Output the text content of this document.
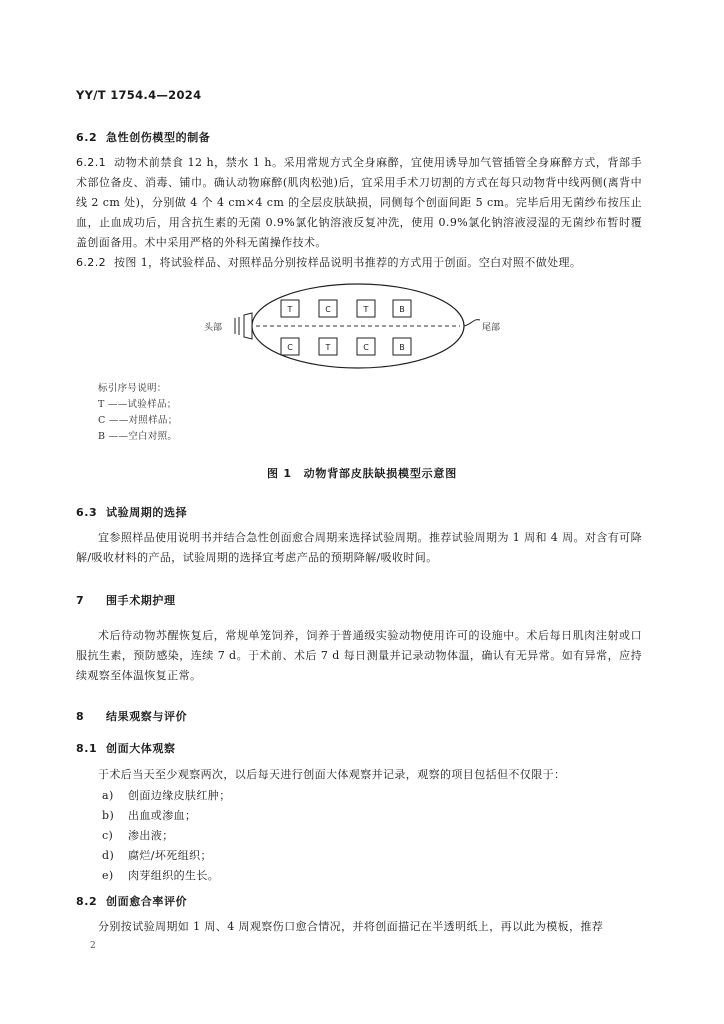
YY/T 1754.4—2024
6.2 急性创伤模型的制备
6.2.1 动物术前禁食 12 h，禁水 1 h。采用常规方式全身麻醉，宜使用诱导加气管插管全身麻醉方式，背部手术部位备皮、消毒、铺巾。确认动物麻醉(肌肉松弛)后，宜采用手术刀切割的方式在每只动物背中线两侧(离背中线 2 cm 处)，分别做 4 个 4 cm×4 cm 的全层皮肤缺损，同侧每个创面间距 5 cm。完毕后用无菌纱布按压止血，止血成功后，用含抗生素的无菌 0.9%氯化钠溶液反复冲洗，使用 0.9%氯化钠溶液浸湿的无菌纱布暂时覆盖创面备用。术中采用严格的外科无菌操作技术。
6.2.2 按图 1，将试验样品、对照样品分别按样品说明书推荐的方式用于创面。空白对照不做处理。
头部	尾部
T	C	T	B
C	T	C	B
标引序号说明：
T ——试验样品；
C ——对照样品；
B ——空白对照。
图 1　动物背部皮肤缺损模型示意图
6.3 试验周期的选择
宜参照样品使用说明书并结合急性创面愈合周期来选择试验周期。推荐试验周期为 1 周和 4 周。对含有可降解/吸收材料的产品，试验周期的选择宜考虑产品的预期降解/吸收时间。
7 围手术期护理
术后待动物苏醒恢复后，常规单笼饲养，饲养于普通级实验动物使用许可的设施中。术后每日肌肉注射或口服抗生素，预防感染，连续 7 d。于术前、术后 7 d 每日测量并记录动物体温，确认有无异常。如有异常，应持续观察至体温恢复正常。
8 结果观察与评价
8.1 创面大体观察
于术后当天至少观察两次，以后每天进行创面大体观察并记录，观察的项目包括但不仅限于：
a) 创面边缘皮肤红肿；
b) 出血或渗血；
c) 渗出液；
d) 腐烂/坏死组织；
e) 肉芽组织的生长。
8.2 创面愈合率评价
分别按试验周期如 1 周、4 周观察伤口愈合情况，并将创面描记在半透明纸上，再以此为模板，推荐
2
